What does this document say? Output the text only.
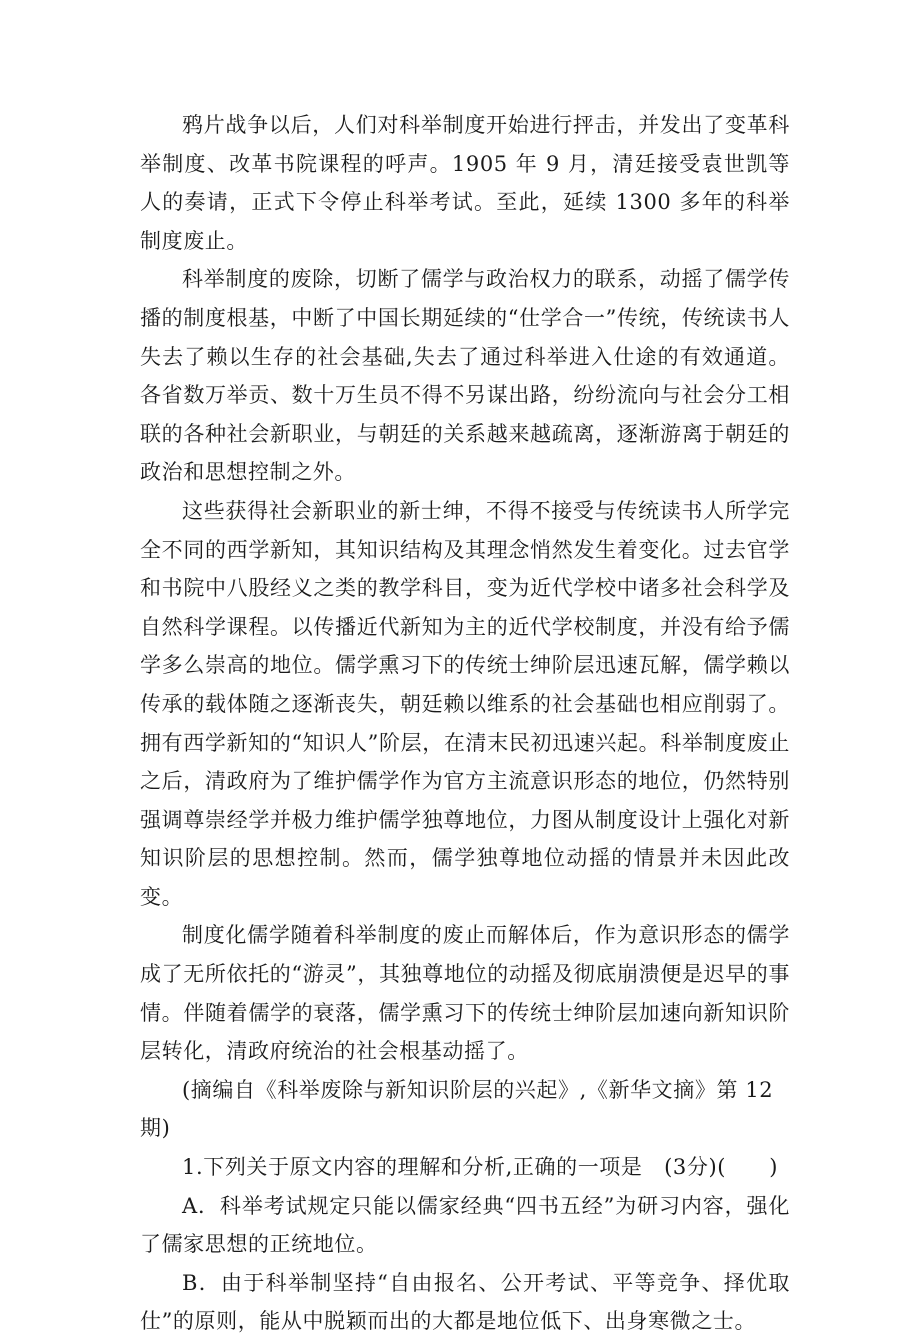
鸦片战争以后，人们对科举制度开始进行抨击，并发出了变革科举制度、改革书院课程的呼声。1905 年 9 月，清廷接受袁世凯等人的奏请，正式下令停止科举考试。至此，延续 1300 多年的科举制度废止。

科举制度的废除，切断了儒学与政治权力的联系，动摇了儒学传播的制度根基，中断了中国长期延续的“仕学合一”传统，传统读书人失去了赖以生存的社会基础,失去了通过科举进入仕途的有效通道。各省数万举贡、数十万生员不得不另谋出路，纷纷流向与社会分工相联的各种社会新职业，与朝廷的关系越来越疏离，逐渐游离于朝廷的政治和思想控制之外。

这些获得社会新职业的新士绅，不得不接受与传统读书人所学完全不同的西学新知，其知识结构及其理念悄然发生着变化。过去官学和书院中八股经义之类的教学科目，变为近代学校中诸多社会科学及自然科学课程。以传播近代新知为主的近代学校制度，并没有给予儒学多么崇高的地位。儒学熏习下的传统士绅阶层迅速瓦解，儒学赖以传承的载体随之逐渐丧失，朝廷赖以维系的社会基础也相应削弱了。拥有西学新知的“知识人”阶层，在清末民初迅速兴起。科举制度废止之后，清政府为了维护儒学作为官方主流意识形态的地位，仍然特别强调尊崇经学并极力维护儒学独尊地位，力图从制度设计上强化对新知识阶层的思想控制。然而，儒学独尊地位动摇的情景并未因此改变。

制度化儒学随着科举制度的废止而解体后，作为意识形态的儒学成了无所依托的“游灵”，其独尊地位的动摇及彻底崩溃便是迟早的事情。伴随着儒学的衰落，儒学熏习下的传统士绅阶层加速向新知识阶层转化，清政府统治的社会根基动摇了。

(摘编自《科举废除与新知识阶层的兴起》,《新华文摘》第 12 期)

1.下列关于原文内容的理解和分析,正确的一项是　(3分)(　　)

A．科举考试规定只能以儒家经典“四书五经”为研习内容，强化了儒家思想的正统地位。

B．由于科举制坚持“自由报名、公开考试、平等竞争、择优取仕”的原则，能从中脱颖而出的大都是地位低下、出身寒微之士。
